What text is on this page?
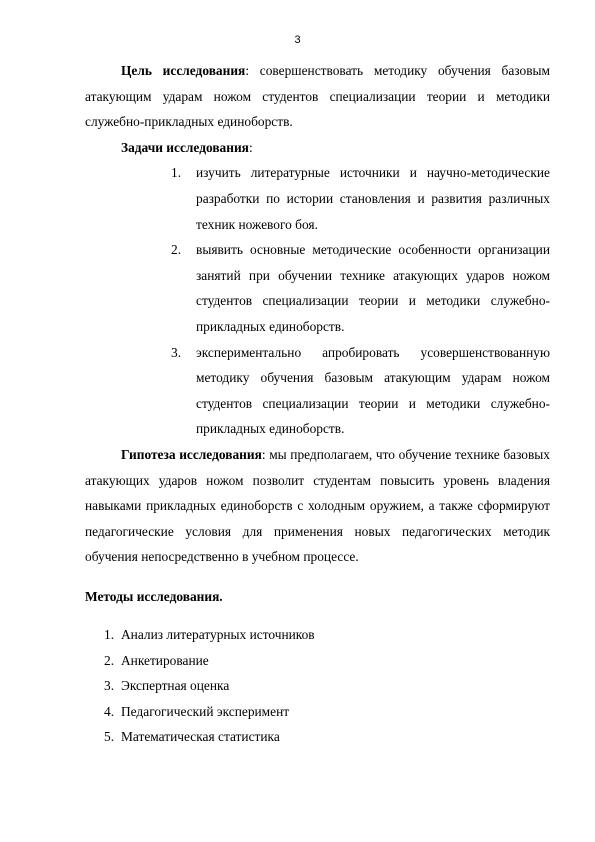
3

Цель исследования: совершенствовать методику обучения базовым атакующим ударам ножом студентов специализации теории и методики служебно-прикладных единоборств.

Задачи исследования:

1. изучить литературные источники и научно-методические разработки по истории становления и развития различных техник ножевого боя.
2. выявить основные методические особенности организации занятий при обучении технике атакующих ударов ножом студентов специализации теории и методики служебно-прикладных единоборств.
3. экспериментально апробировать усовершенствованную методику обучения базовым атакующим ударам ножом студентов специализации теории и методики служебно-прикладных единоборств.

Гипотеза исследования: мы предполагаем, что обучение технике базовых атакующих ударов ножом позволит студентам повысить уровень владения навыками прикладных единоборств с холодным оружием, а также сформируют педагогические условия для применения новых педагогических методик обучения непосредственно в учебном процессе.

Методы исследования.

1. Анализ литературных источников
2. Анкетирование
3. Экспертная оценка
4. Педагогический эксперимент
5. Математическая статистика
